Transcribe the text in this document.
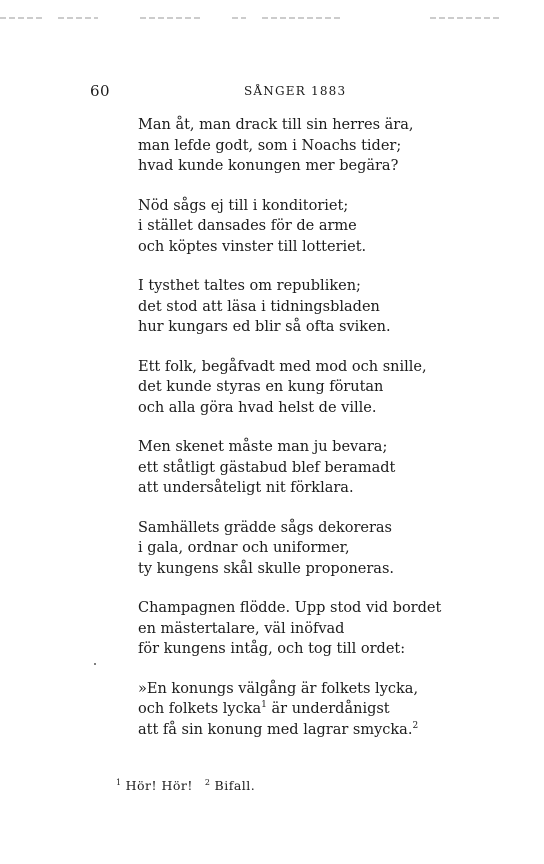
60	SÅNGER 1883
Man åt, man drack till sin herres ära,
man lefde godt, som i Noachs tider;
hvad kunde konungen mer begära?
Nöd sågs ej till i konditoriet;
i stället dansades för de arme
och köptes vinster till lotteriet.
I tysthet taltes om republiken;
det stod att läsa i tidningsbladen
hur kungars ed blir så ofta sviken.
Ett folk, begåfvadt med mod och snille,
det kunde styras en kung förutan
och alla göra hvad helst de ville.
Men skenet måste man ju bevara;
ett ståtligt gästabud blef beramadt
att undersåteligt nit förklara.
Samhällets grädde sågs dekoreras
i gala, ordnar och uniformer,
ty kungens skål skulle proponeras.
Champagnen flödde. Upp stod vid bordet
en mästertalare, väl inöfvad
för kungens intåg, och tog till ordet:
»En konungs välgång är folkets lycka,
och folkets lycka$^1$ är underdånigst
att få sin konung med lagrar smycka.$^2$
$^1$ Hör! Hör! $^2$ Bifall.
